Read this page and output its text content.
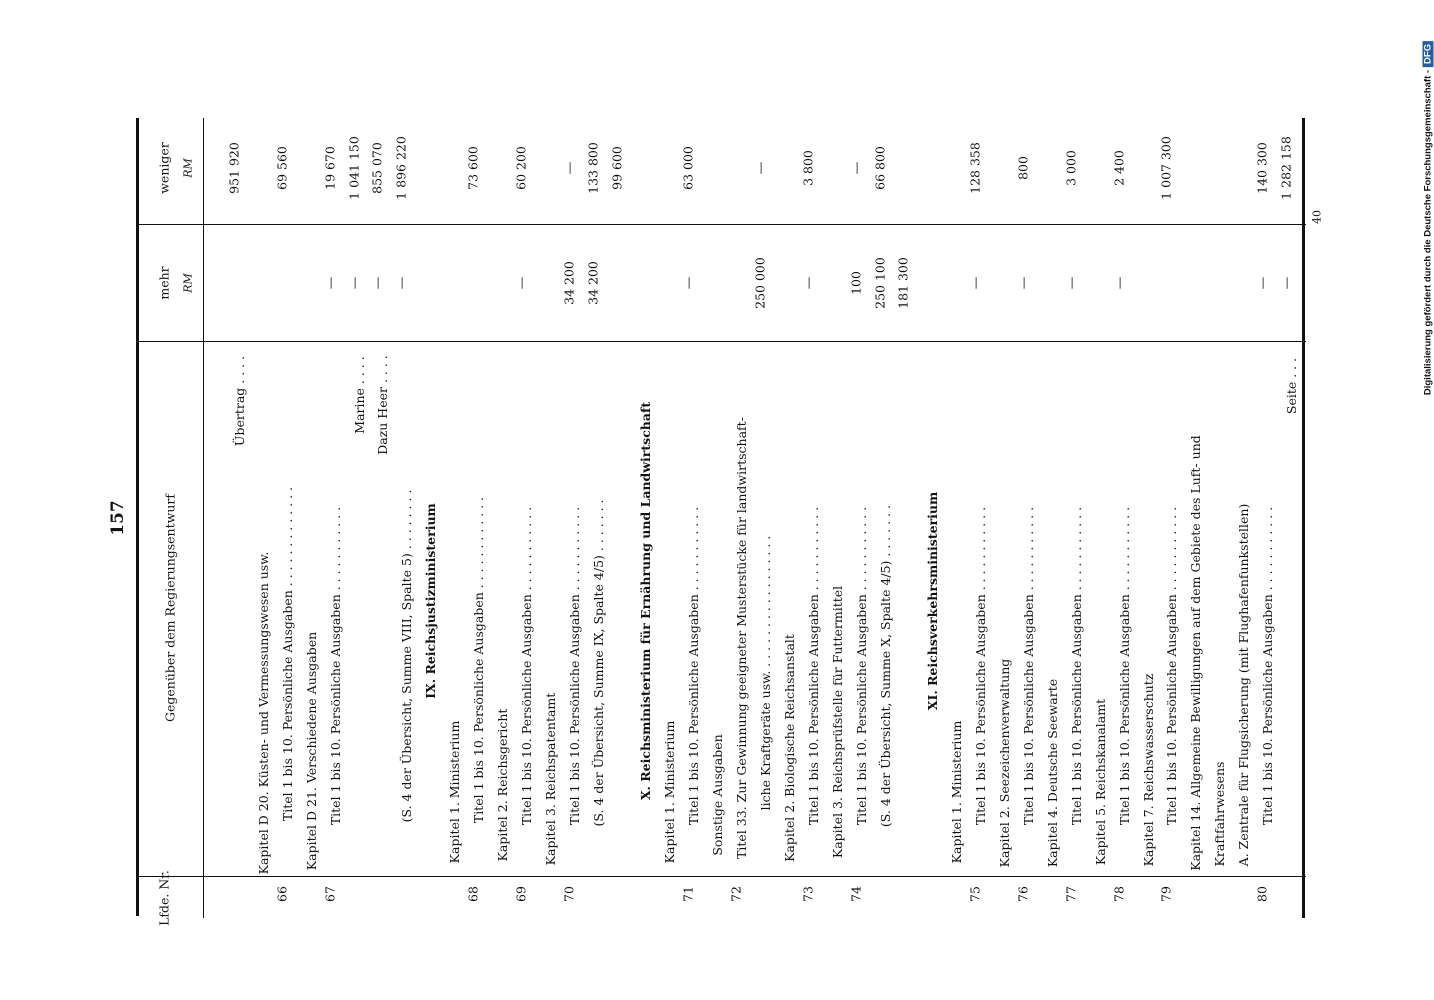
157
Digitalisierung gefördert durch die Deutsche Forschungsgemeinschaft -DFG
Lfde. Nr.
Gegenüber dem Regierungsentwurf
mehr RM
weniger RM
Übertrag . . . .
951 920
Kapitel D 20. Küsten- und Vermessungswesen usw.
66
Titel 1 bis 10. Persönliche Ausgaben . . . . . . . . . . . . .
69 560
Kapitel D 21. Verschiedene Ausgaben
67
Titel 1 bis 10. Persönliche Ausgaben . . . . . . . . . . .
—
19 670
Marine . . . .
—
1 041 150
Dazu Heer . . . .
—
855 070
(S. 4 der Übersicht, Summe VIII, Spalte 5) . . . . . . . .
—
1 896 220
IX. Reichsjustizministerium
Kapitel 1. Ministerium
68
Titel 1 bis 10. Persönliche Ausgaben . . . . . . . . . . . .
73 600
Kapitel 2. Reichsgericht
69
Titel 1 bis 10. Persönliche Ausgaben . . . . . . . . . . .
—
60 200
Kapitel 3. Reichspatentamt
70
Titel 1 bis 10. Persönliche Ausgaben . . . . . . . . . . .
34 200
—
(S. 4 der Übersicht, Summe IX, Spalte 4/5) . . . . . . .
34 200
133 800 99 600
X. Reichsministerium für Ernährung und Landwirtschaft Kapitel 1. Ministerium
71
Titel 1 bis 10. Persönliche Ausgaben . . . . . . . . . . .
—
63 000
Sonstige Ausgaben
72
Titel 33. Zur Gewinnung geeigneter Musterstücke für landwirtschaft- liche Kraftgeräte usw. . . . . . . . . . . . . . . . . .
250 000
—
Kapitel 2. Biologische Reichsanstalt
73
Titel 1 bis 10. Persönliche Ausgaben . . . . . . . . . . .
—
3 800
Kapitel 3. Reichsprüfstelle für Futtermittel
74
Titel 1 bis 10. Persönliche Ausgaben . . . . . . . . . . .
100
—
(S. 4 der Übersicht, Summe X, Spalte 4/5) . . . . . . .
250 100
66 800
181 300
XI. Reichsverkehrsministerium
Kapitel 1. Ministerium
75
Titel 1 bis 10. Persönliche Ausgaben . . . . . . . . . . .
—
128 358
Kapitel 2. Seezeichenverwaltung
76
Titel 1 bis 10. Persönliche Ausgaben . . . . . . . . . . .
—
800
Kapitel 4. Deutsche Seewarte
77
Titel 1 bis 10. Persönliche Ausgaben . . . . . . . . . . .
—
3 000
Kapitel 5. Reichskanalamt
78
Titel 1 bis 10. Persönliche Ausgaben . . . . . . . . . . .
—
2 400
Kapitel 7. Reichswasserschutz
79
Titel 1 bis 10. Persönliche Ausgaben . . . . . . . . . . .
1 007 300
Kapitel 14. Allgemeine Bewilligungen auf dem Gebiete des Luft- und Kraftfahrwesens A. Zentrale für Flugsicherung (mit Flughafenfunkstellen)
80
Titel 1 bis 10. Persönliche Ausgaben . . . . . . . . . . .
—
140 300
Seite . . .
—
1 282 158
40
